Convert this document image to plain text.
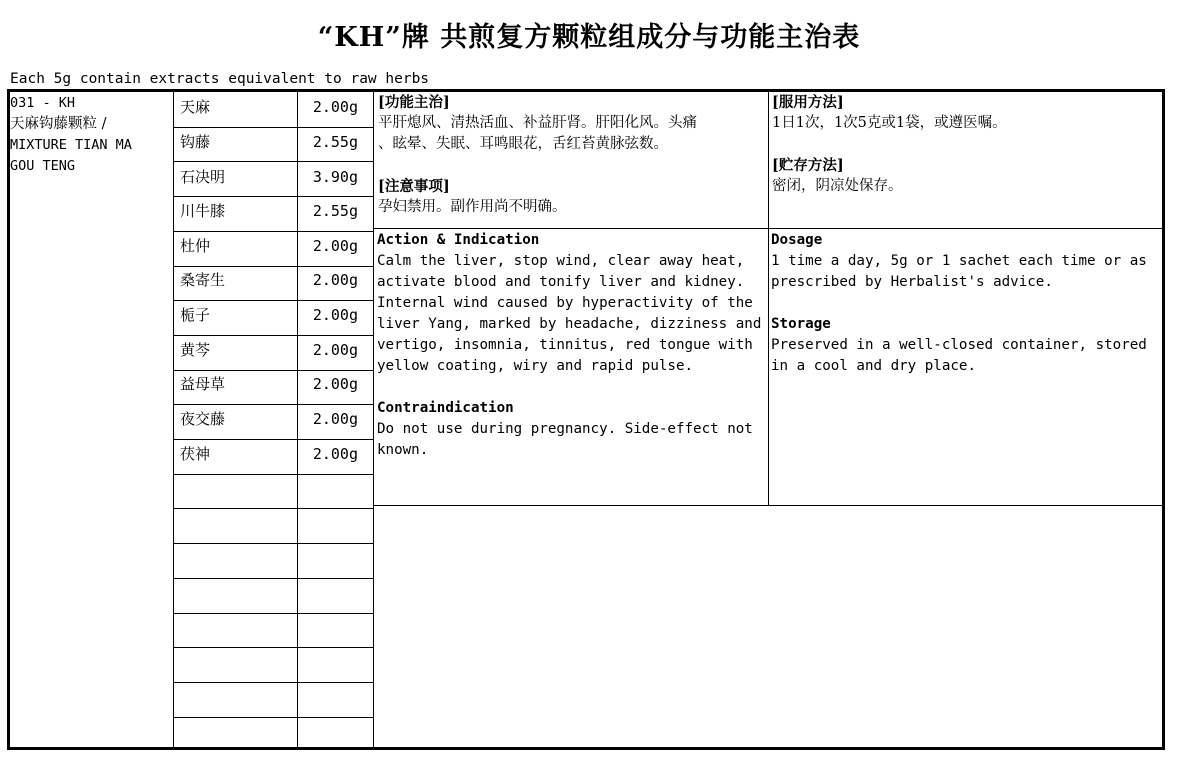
“KH”牌 共煎复方颗粒组成分与功能主治表
Each 5g contain extracts equivalent to raw herbs
031 - KH
天麻钩藤颗粒 /
MIXTURE TIAN MA
GOU TENG
天麻	2.00g
钩藤	2.55g
石决明	3.90g
川牛膝	2.55g
杜仲	2.00g
桑寄生	2.00g
栀子	2.00g
黄芩	2.00g
益母草	2.00g
夜交藤	2.00g
茯神	2.00g
[功能主治]
平肝熄风、清热活血、补益肝肾。肝阳化风。头痛
、眩晕、失眠、耳鸣眼花，舌红苔黄脉弦数。
[注意事项]
孕妇禁用。副作用尚不明确。
[服用方法]
1日1次，1次5克或1袋，或遵医嘱。
[贮存方法]
密闭，阴凉处保存。
Action & Indication
Calm the liver, stop wind, clear away heat,
activate blood and tonify liver and kidney.
Internal wind caused by hyperactivity of the
liver Yang, marked by headache, dizziness and
vertigo, insomnia, tinnitus, red tongue with
yellow coating, wiry and rapid pulse.
Contraindication
Do not use during pregnancy. Side-effect not
known.
Dosage
1 time a day, 5g or 1 sachet each time or as
prescribed by Herbalist's advice.
Storage
Preserved in a well-closed container, stored
in a cool and dry place.
